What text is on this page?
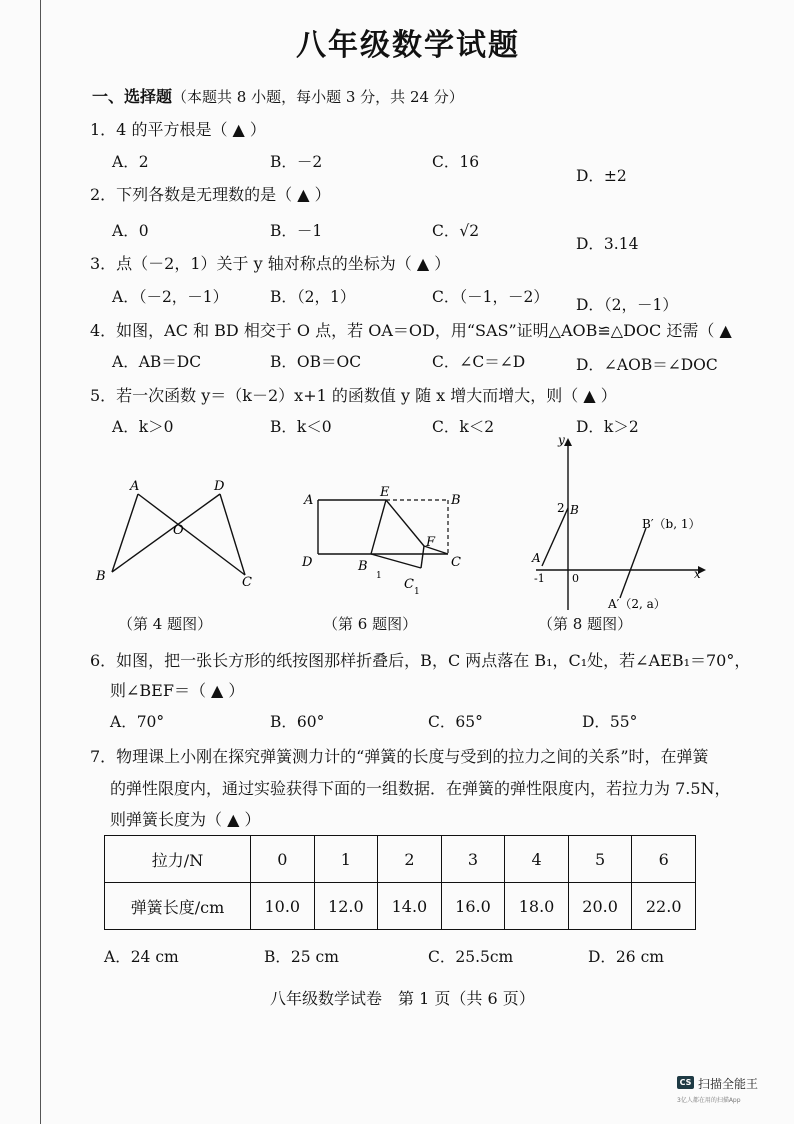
八年级数学试题
一、选择题（本题共 8 小题，每小题 3 分，共 24 分）
1．4 的平方根是（ ▲ ）
A．2	B．－2	C．16
D．±2
2．下列各数是无理数的是（ ▲ ）
A．0	B．－1	C．√2
D．3.14
3．点（－2，1）关于 y 轴对称点的坐标为（ ▲ ）
A．（－2，－1）	B．（2，1）	C．（－1，－2） D．（2，－1）
4．如图，AC 和 BD 相交于 O 点，若 OA＝OD，用“SAS”证明△AOB≌△DOC 还需（ ▲
A．AB＝DC	B．OB＝OC	C．∠C＝∠D	D．∠AOB＝∠DOC
5．若一次函数 y＝（k－2）x+1 的函数值 y 随 x 增大而增大，则（ ▲ ）
A．k＞0	B．k＜0	C．k＜2	D．k＞2
A	D
O
B	C
（第 4 题图）
A
E
B
D
F
C
B
1
C 1
（第 6 题图）
y
x
2 B
A
-1 0
B′（b, 1）
A′（2, a）
（第 8 题图）
6．如图，把一张长方形的纸按图那样折叠后，B，C 两点落在 B₁，C₁处，若∠AEB₁＝70°，
则∠BEF＝（ ▲ ）
A．70°	B．60°	C．65°	D．55°
7．物理课上小刚在探究弹簧测力计的“弹簧的长度与受到的拉力之间的关系”时，在弹簧
的弹性限度内，通过实验获得下面的一组数据．在弹簧的弹性限度内，若拉力为 7.5N，
则弹簧长度为（ ▲ ）
拉力/N	0	1	2	3	4	5	6
弹簧长度/cm	10.0	12.0	14.0	16.0	18.0	20.0	22.0
A．24 cm	B．25 cm	C．25.5cm	D．26 cm
八年级数学试卷　第 1 页（共 6 页）
CS 扫描全能王
3亿人都在用的扫描App
